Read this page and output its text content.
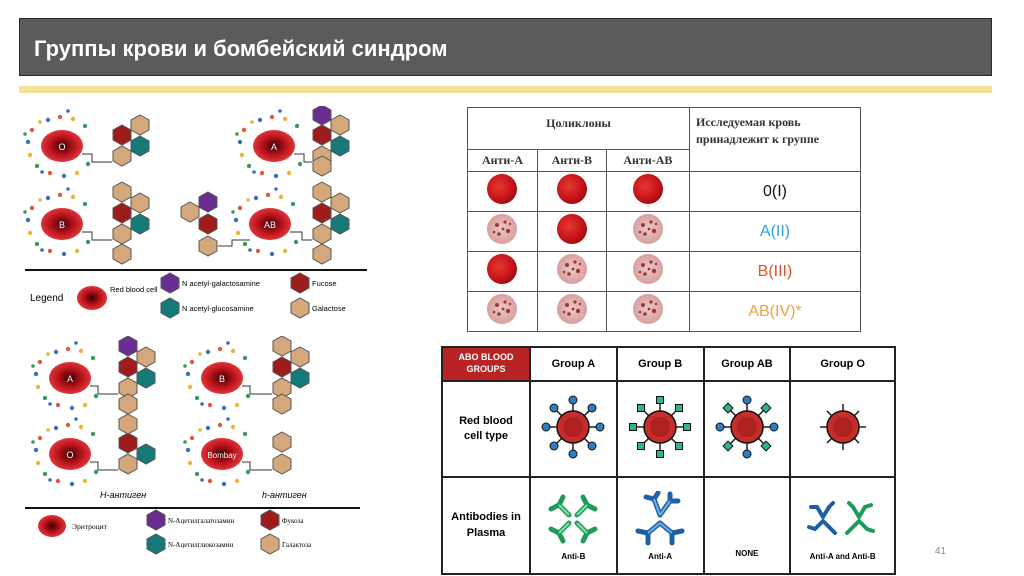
Группы крови и бомбейский синдром
O	A
B	AB
Legend
Red blood cell
N acetyl-galactosamine
N acetyl-glucosamine
Fucose
Galactose
A	B
O	Bombay
H-антиген	h-антиген
Эритроцит
N-Ацетилгалатозамин
N-Ацетилглюкозамин
Фукоза
Галактоза
Цоликлоны			Исследуемая кровь принадлежит к группе
Анти-А	Анти-В	Анти-АВ	
			0(I)
			A(II)
			B(III)
			AB(IV)*
ABO BLOOD GROUPS	Group A	Group B	Group AB	Group O
Red blood cell type				
Antibodies in Plasma	Anti-B	Anti-A	NONE	Anti-A and Anti-B	41
